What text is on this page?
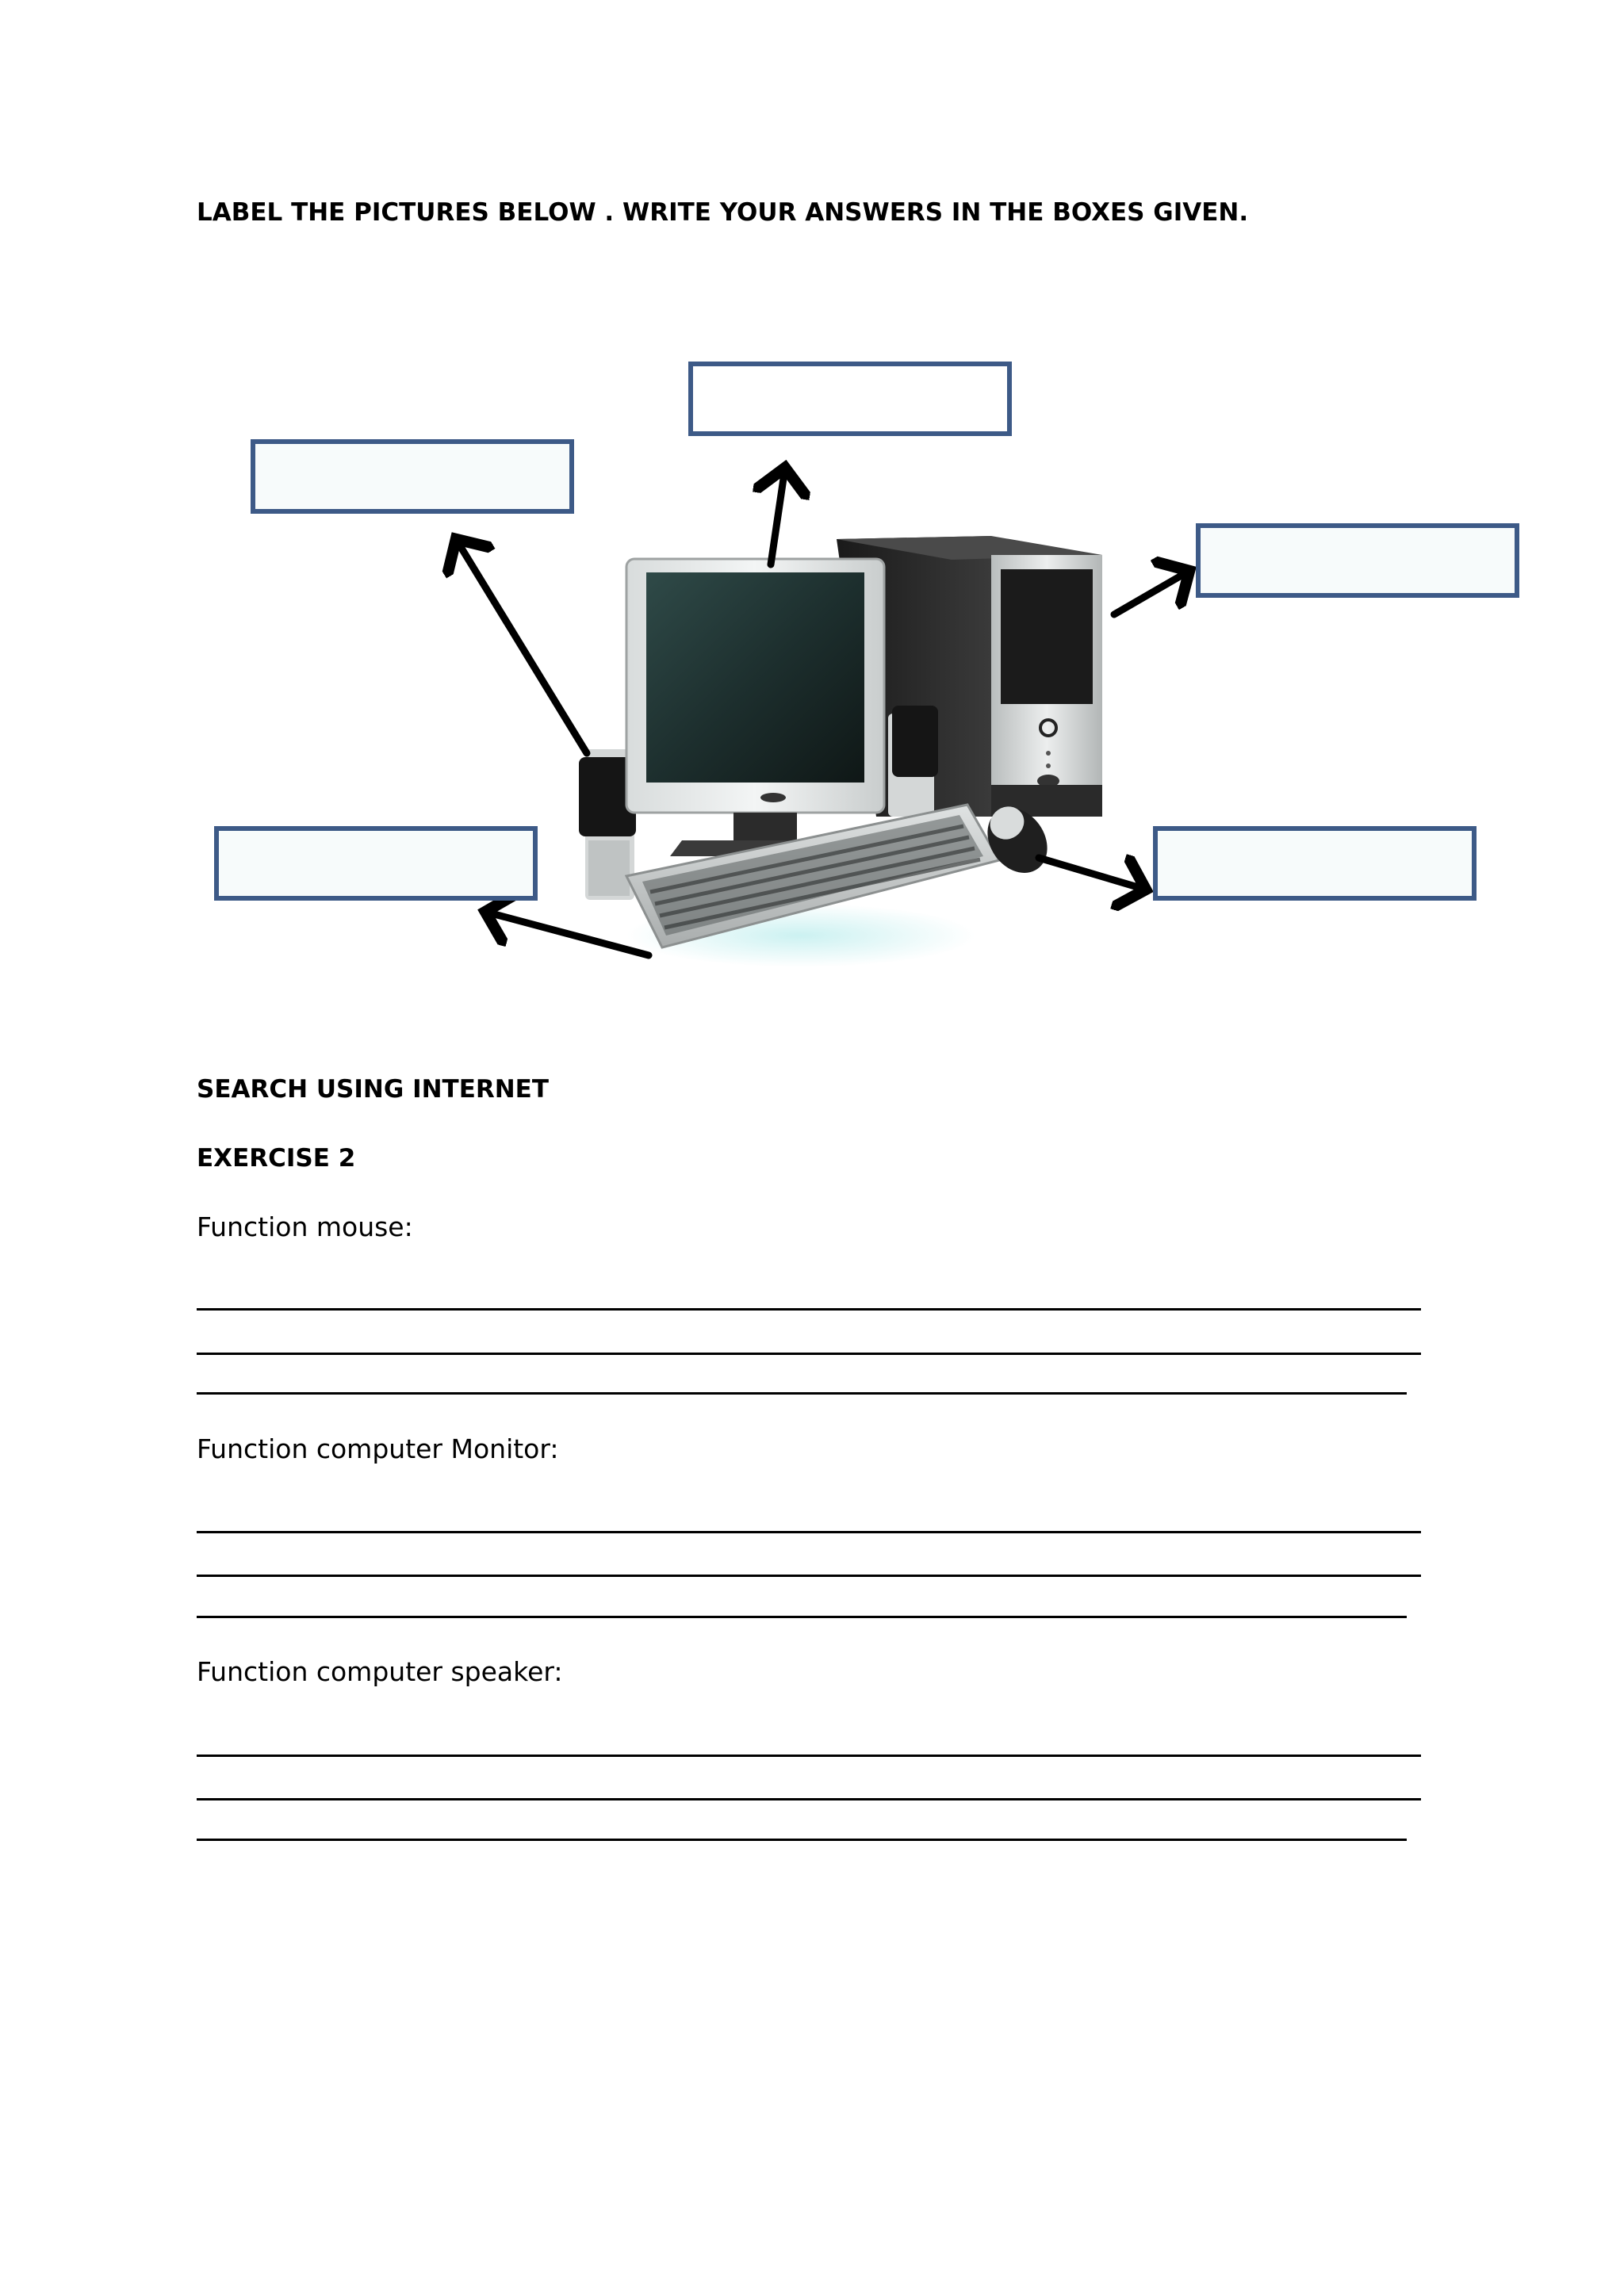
LABEL THE PICTURES BELOW . WRITE YOUR ANSWERS IN THE BOXES GIVEN.
SEARCH USING INTERNET
EXERCISE 2
Function mouse:
Function computer Monitor:
Function computer speaker:
